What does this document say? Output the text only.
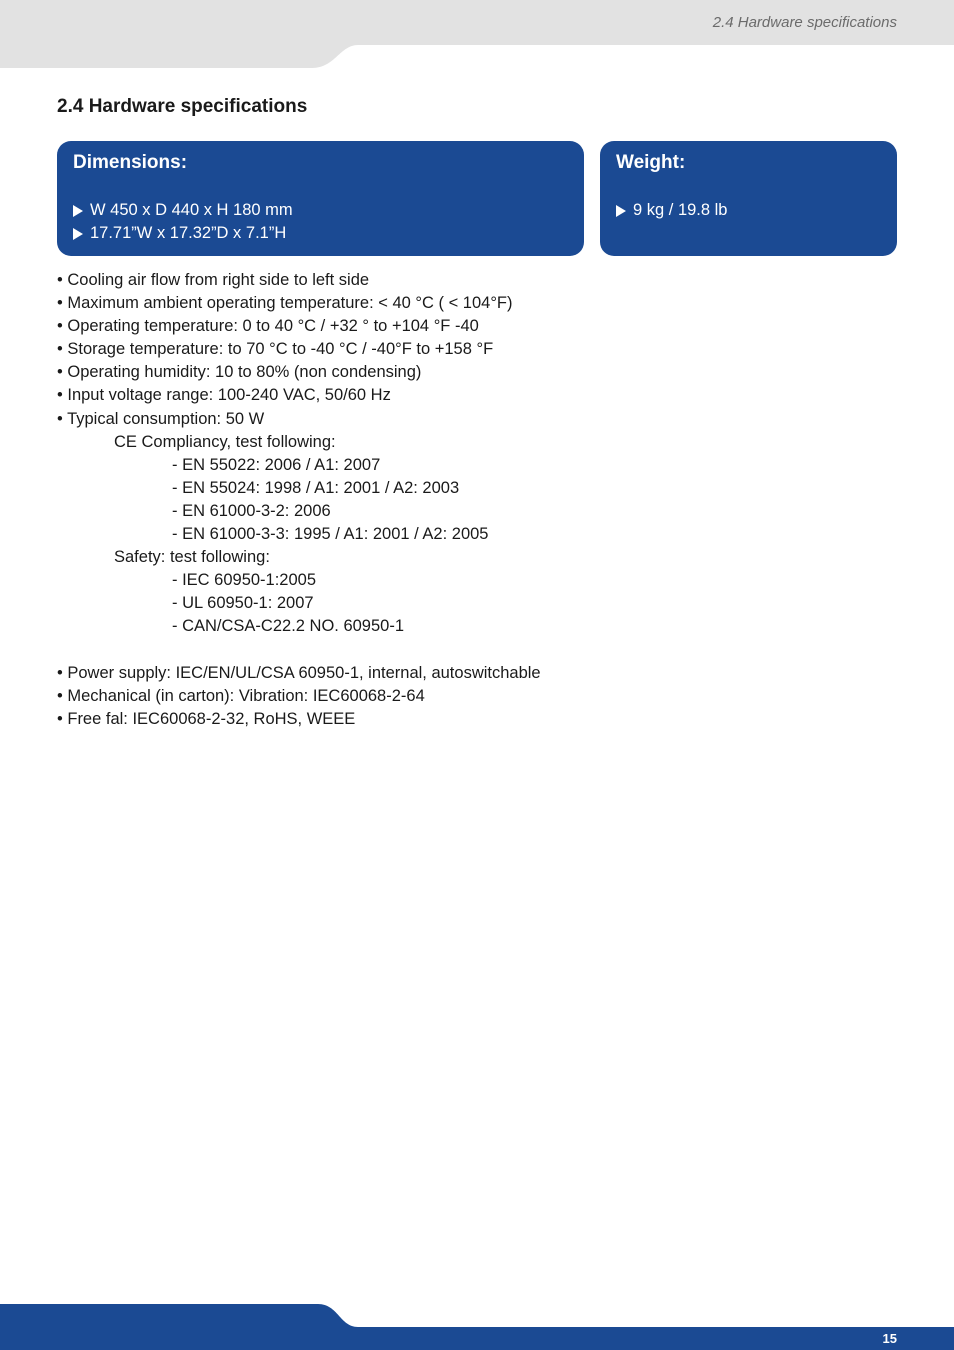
2.4 Hardware specifications
2.4 Hardware specifications
Dimensions:
W 450 x D 440 x H 180 mm
17.71”W x 17.32”D x 7.1”H
Weight:
9 kg / 19.8 lb
• Cooling air flow from right side to left side
• Maximum ambient operating temperature: < 40 °C ( < 104°F)
• Operating temperature: 0 to 40 °C / +32 ° to +104 °F -40
• Storage temperature: to 70 °C to -40 °C / -40°F to +158 °F
• Operating humidity: 10 to 80% (non condensing)
• Input voltage range: 100-240 VAC, 50/60 Hz
• Typical consumption: 50 W
CE Compliancy, test following:
- EN 55022: 2006 / A1: 2007
- EN 55024: 1998 / A1: 2001 / A2: 2003
- EN 61000-3-2: 2006
- EN 61000-3-3: 1995 / A1: 2001 / A2: 2005
Safety: test following:
- IEC 60950-1:2005
- UL 60950-1: 2007
- CAN/CSA-C22.2 NO. 60950-1
• Power supply: IEC/EN/UL/CSA 60950-1, internal, autoswitchable
• Mechanical (in carton): Vibration: IEC60068-2-64
• Free fal: IEC60068-2-32, RoHS, WEEE
15
